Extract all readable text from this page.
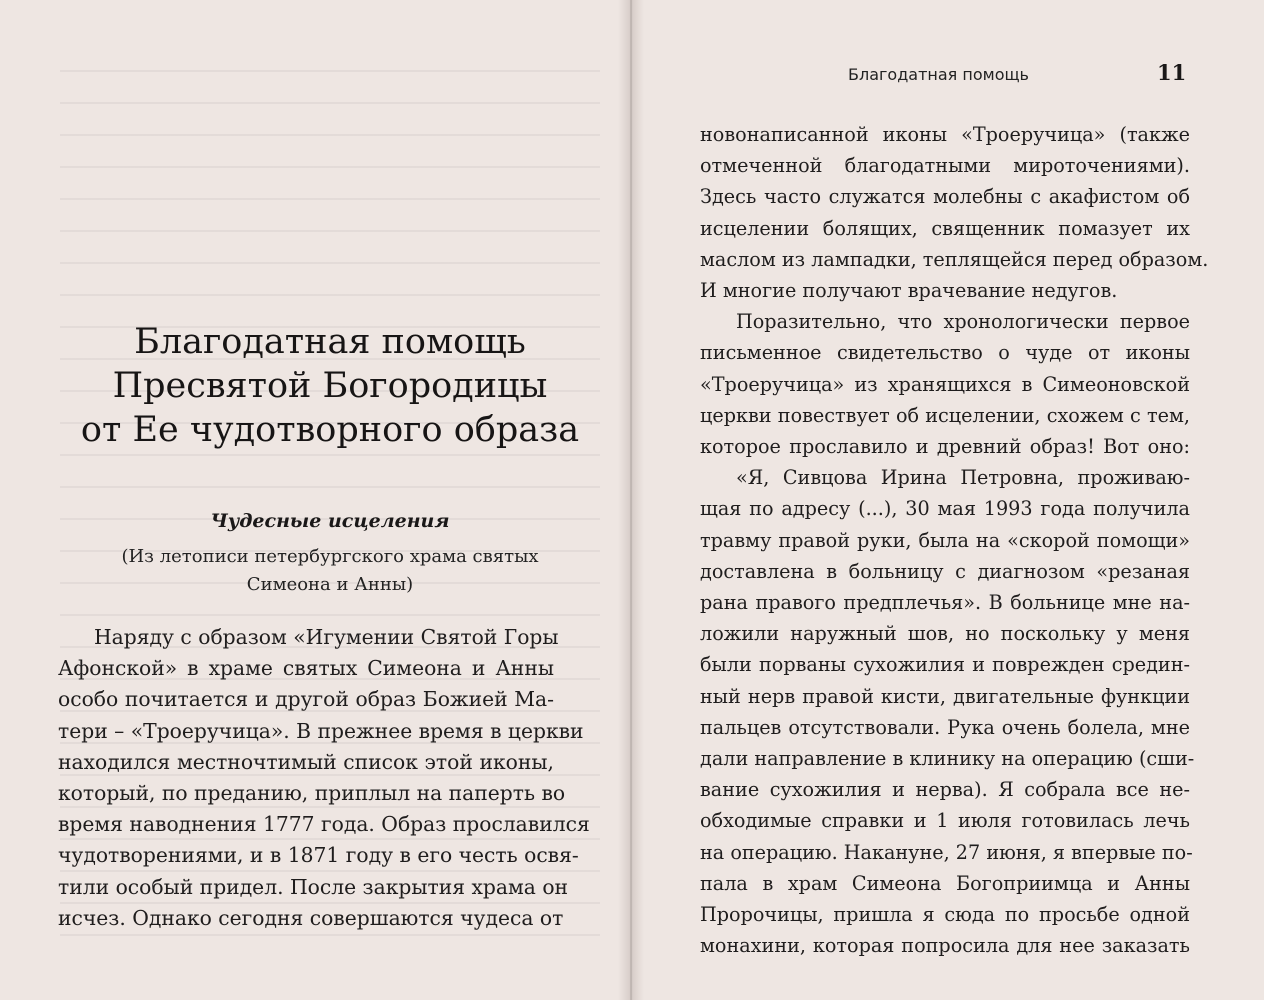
Благодатная помощь
Пресвятой Богородицы
от Ее чудотворного образа
Чудесные исцеления
(Из летописи петербургского храма святых
Симеона и Анны)
Наряду с образом «Игумении Святой Горы
Афонской» в храме святых Симеона и Анны
особо почитается и другой образ Божией Ма-
тери – «Троеручица». В прежнее время в церкви
находился местночтимый список этой иконы,
который, по преданию, приплыл на паперть во
время наводнения 1777 года. Образ прославился
чудотворениями, и в 1871 году в его честь освя-
тили особый придел. После закрытия храма он
исчез. Однако сегодня совершаются чудеса от
Благодатная помощь	11
новонаписанной иконы «Троеручица» (также
отмеченной благодатными мироточениями).
Здесь часто служатся молебны с акафистом об
исцелении болящих, священник помазует их
маслом из лампадки, теплящейся перед образом.
И многие получают врачевание недугов.
Поразительно, что хронологически первое
письменное свидетельство о чуде от иконы
«Троеручица» из хранящихся в Симеоновской
церкви повествует об исцелении, схожем с тем,
которое прославило и древний образ! Вот оно:
«Я, Сивцова Ирина Петровна, проживаю-
щая по адресу (...), 30 мая 1993 года получила
травму правой руки, была на «скорой помощи»
доставлена в больницу с диагнозом «резаная
рана правого предплечья». В больнице мне на-
ложили наружный шов, но поскольку у меня
были порваны сухожилия и поврежден средин-
ный нерв правой кисти, двигательные функции
пальцев отсутствовали. Рука очень болела, мне
дали направление в клинику на операцию (сши-
вание сухожилия и нерва). Я собрала все не-
обходимые справки и 1 июля готовилась лечь
на операцию. Накануне, 27 июня, я впервые по-
пала в храм Симеона Богоприимца и Анны
Пророчицы, пришла я сюда по просьбе одной
монахини, которая попросила для нее заказать
